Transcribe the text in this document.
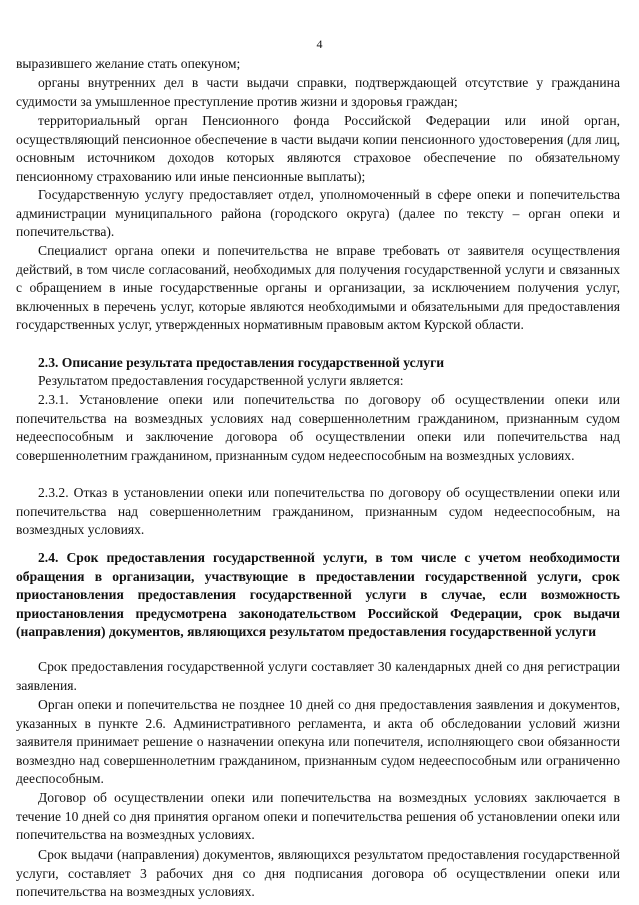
4
выразившего желание стать опекуном;
органы внутренних дел в части выдачи справки, подтверждающей отсутствие у гражданина судимости за умышленное преступление против жизни и здоровья граждан;
территориальный орган Пенсионного фонда Российской Федерации или иной орган, осуществляющий пенсионное обеспечение в части выдачи копии пенсионного удостоверения (для лиц, основным источником доходов которых являются страховое обеспечение по обязательному пенсионному страхованию или иные пенсионные выплаты);
Государственную услугу предоставляет отдел, уполномоченный в сфере опеки и попечительства администрации муниципального района (городского округа) (далее по тексту – орган опеки и попечительства).
Специалист органа опеки и попечительства не вправе требовать от заявителя осуществления действий, в том числе согласований, необходимых для получения государственной услуги и связанных с обращением в иные государственные органы и организации, за исключением получения услуг, включенных в перечень услуг, которые являются необходимыми и обязательными для предоставления государственных услуг, утвержденных нормативным правовым актом Курской области.
2.3. Описание результата предоставления государственной услуги
Результатом предоставления государственной услуги является:
2.3.1. Установление опеки или попечительства по договору об осуществлении опеки или попечительства на возмездных условиях над совершеннолетним гражданином, признанным судом недееспособным и заключение договора об осуществлении опеки или попечительства над совершеннолетним гражданином, признанным судом недееспособным на возмездных условиях.
2.3.2. Отказ в установлении опеки или попечительства по договору об осуществлении опеки или попечительства над совершеннолетним гражданином, признанным судом недееспособным, на возмездных условиях.
2.4. Срок предоставления государственной услуги, в том числе с учетом необходимости обращения в организации, участвующие в предоставлении государственной услуги, срок приостановления предоставления государственной услуги в случае, если возможность приостановления предусмотрена законодательством Российской Федерации, срок выдачи (направления) документов, являющихся результатом предоставления государственной услуги
Срок предоставления государственной услуги составляет 30 календарных дней со дня регистрации заявления.
Орган опеки и попечительства не позднее 10 дней со дня предоставления заявления и документов, указанных в пункте 2.6. Административного регламента, и акта об обследовании условий жизни заявителя принимает решение о назначении опекуна или попечителя, исполняющего свои обязанности возмездно над совершеннолетним гражданином, признанным судом недееспособным или ограниченно дееспособным.
Договор об осуществлении опеки или попечительства на возмездных условиях заключается в течение 10 дней со дня принятия органом опеки и попечительства решения об установлении опеки или попечительства на возмездных условиях.
Срок выдачи (направления) документов, являющихся результатом предоставления государственной услуги, составляет 3 рабочих дня со дня подписания договора об осуществлении опеки или попечительства на возмездных условиях.
